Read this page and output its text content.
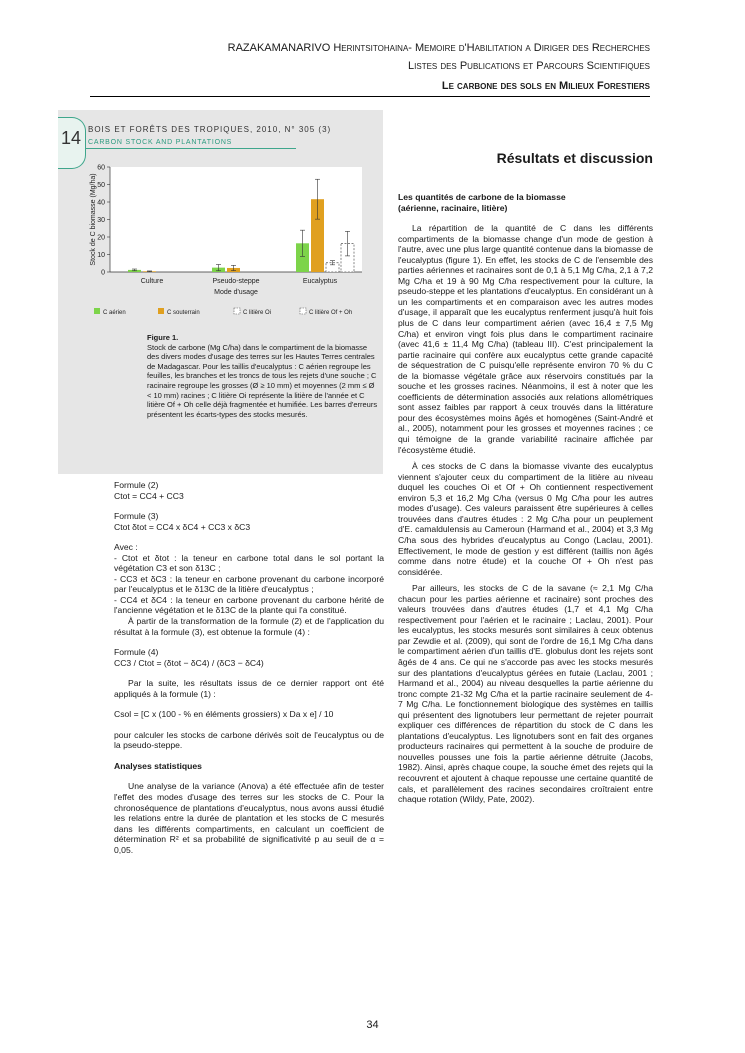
RAZAKAMANARIVO Herintsitohaina- Memoire d'Habilitation a Diriger des Recherches
Listes des Publications et Parcours Scientifiques
Le carbone des sols en Milieux Forestiers
14 BOIS ET FORÊTS DES TROPIQUES, 2010, N° 305 (3)
CARBON STOCK AND PLANTATIONS
0
10
20
30
40
50
60
Stock de C biomasse (Mg/ha)
Culture	Pseudo-steppe	Eucalyptus
Mode d'usage
C aérien	C souterrain	C litière Oi	C litière Of + Oh
Figure 1.
Stock de carbone (Mg C/ha) dans le compartiment de la biomasse des divers modes d'usage des terres sur les Hautes Terres centrales de Madagascar. Pour les taillis d'eucalyptus : C aérien regroupe les feuilles, les branches et les troncs de tous les rejets d'une souche ; C racinaire regroupe les grosses (Ø ≥ 10 mm) et moyennes (2 mm ≤ Ø < 10 mm) racines ; C litière Oi représente la litière de l'année et C litière Of + Oh celle déjà fragmentée et humifiée. Les barres d'erreurs présentent les écarts-types des stocks mesurés.

Formule (2)

Ctot = CC4 + CC3

Formule (3)

Ctot δtot = CC4 x δC4 + CC3 x δC3

Avec :

- Ctot et δtot : la teneur en carbone total dans le sol portant la végétation C3 et son δ13C ;

- CC3 et δC3 : la teneur en carbone provenant du carbone incorporé par l'eucalyptus et le δ13C de la litière d'eucalyptus ;

- CC4 et δC4 : la teneur en carbone provenant du carbone hérité de l'ancienne végétation et le δ13C de la plante qui l'a constitué.

À partir de la transformation de la formule (2) et de l'application du résultat à la formule (3), est obtenue la formule (4) :

Formule (4)

CC3 / Ctot = (δtot − δC4) / (δC3 − δC4)

Par la suite, les résultats issus de ce dernier rapport ont été appliqués à la formule (1) :

Csol = [C x (100 - % en éléments grossiers) x Da x e] / 10

pour calculer les stocks de carbone dérivés soit de l'eucalyptus ou de la pseudo-steppe.

Analyses statistiques

Une analyse de la variance (Anova) a été effectuée afin de tester l'effet des modes d'usage des terres sur les stocks de C. Pour la chronoséquence de plantations d'eucalyptus, nous avons aussi étudié les relations entre la durée de plantation et les stocks de C mesurés dans les différents compartiments, en calculant un coefficient de détermination R² et sa probabilité de significativité p au seuil de α = 0,05.

Résultats et discussion

Les quantités de carbone de la biomasse

(aérienne, racinaire, litière)

La répartition de la quantité de C dans les différents compartiments de la biomasse change d'un mode de gestion à l'autre, avec une plus large quantité contenue dans la biomasse de l'eucalyptus (figure 1). En effet, les stocks de C de l'ensemble des parties aériennes et racinaires sont de 0,1 à 5,1 Mg C/ha, 2,1 à 7,2 Mg C/ha et 19 à 90 Mg C/ha respectivement pour la culture, la pseudo-steppe et les plantations d'eucalyptus. En considérant un à un les compartiments et en comparaison avec les autres modes d'usage, il apparaît que les eucalyptus renferment jusqu'à huit fois plus de C dans leur compartiment aérien (avec 16,4 ± 7,5 Mg C/ha) et environ vingt fois plus dans le compartiment racinaire (avec 41,6 ± 11,4 Mg C/ha) (tableau III). C'est principalement la partie racinaire qui confère aux eucalyptus cette grande capacité de séquestration de C puisqu'elle représente environ 70 % du C de la biomasse végétale grâce aux réservoirs constitués par la souche et les grosses racines. Néanmoins, il est à noter que les coefficients de détermination associés aux relations allométriques sont assez faibles par rapport à ceux trouvés dans la littérature pour des écosystèmes moins âgés et homogènes (Saint-André et al., 2005), notamment pour les grosses et moyennes racines ; ce qui témoigne de la grande variabilité racinaire affichée par l'écosystème étudié.

À ces stocks de C dans la biomasse vivante des eucalyptus viennent s'ajouter ceux du compartiment de la litière au niveau duquel les couches Oi et Of + Oh contiennent respectivement environ 5,3 et 16,2 Mg C/ha (versus 0 Mg C/ha pour les autres modes d'usage). Ces valeurs paraissent être supérieures à celles trouvées dans d'autres études : 2 Mg C/ha pour un peuplement d'E. camaldulensis au Cameroun (Harmand et al., 2004) et 3,3 Mg C/ha sous des hybrides d'eucalyptus au Congo (Laclau, 2001). Effectivement, le mode de gestion y est différent (taillis non âgés comme dans notre étude) et la couche Of + Oh n'est pas considérée.

Par ailleurs, les stocks de C de la savane (≈ 2,1 Mg C/ha chacun pour les parties aérienne et racinaire) sont proches des valeurs trouvées dans d'autres études (1,7 et 4,1 Mg C/ha respectivement pour l'aérien et le racinaire ; Laclau, 2001). Pour les eucalyptus, les stocks mesurés sont similaires à ceux obtenus par Zewdie et al. (2009), qui sont de l'ordre de 16,1 Mg C/ha dans le compartiment aérien d'un taillis d'E. globulus dont les rejets sont âgés de 4 ans. Ce qui ne s'accorde pas avec les stocks mesurés sur des plantations d'eucalyptus gérées en futaie (Laclau, 2001 ; Harmand et al., 2004) au niveau desquelles la partie aérienne du tronc compte 21-32 Mg C/ha et la partie racinaire seulement de 4-7 Mg C/ha. Le fonctionnement biologique des systèmes en taillis qui présentent des lignotubers leur permettant de rejeter pourrait expliquer ces différences de répartition du stock de C dans les plantations d'eucalyptus. Les lignotubers sont en fait des organes producteurs racinaires qui permettent à la souche de produire de nouvelles pousses une fois la partie aérienne détruite (Jacobs, 1982). Ainsi, après chaque coupe, la souche émet des rejets qui la recouvrent et ajoutent à chaque repousse une certaine quantité de cals, et parallèlement des racines secondaires croîtraient entre chaque rotation (Wildy, Pate, 2002).

34
